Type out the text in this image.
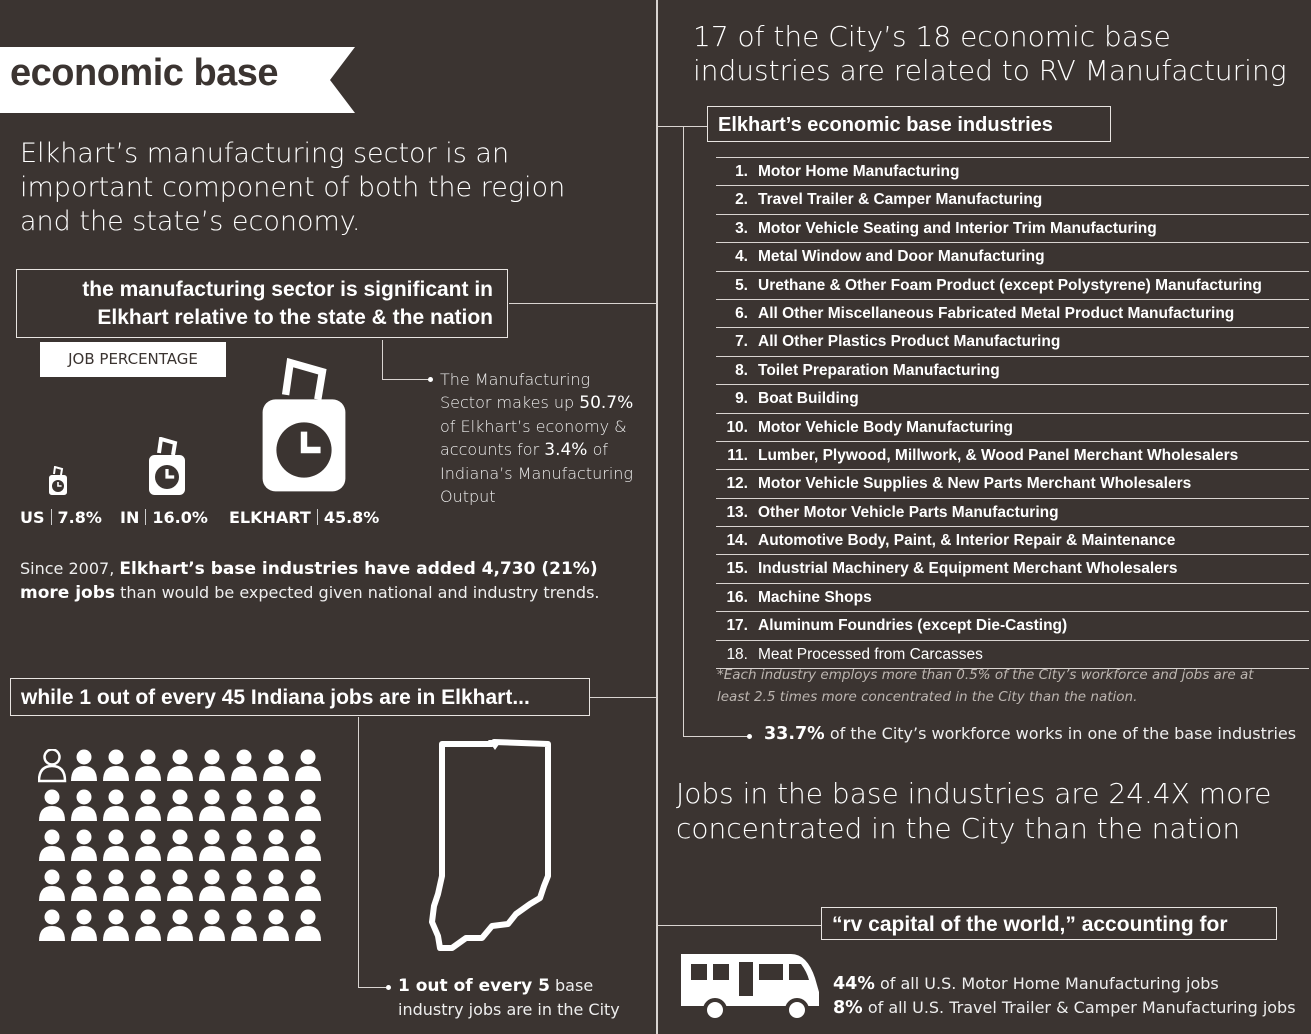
economic base
Elkhart’s manufacturing sector is an important component of both the region and the state’s economy.
the manufacturing sector is significant in
Elkhart relative to the state & the nation
JOB PERCENTAGE
US 7.8% IN 16.0% ELKHART 45.8%
The Manufacturing Sector makes up 50.7% of Elkhart’s economy & accounts for 3.4% of Indiana’s Manufacturing Output
Since 2007, Elkhart’s base industries have added 4,730 (21%) more jobs than would be expected given national and industry trends.
while 1 out of every 45 Indiana jobs are in Elkhart...
1 out of every 5 base industry jobs are in the City
17 of the City’s 18 economic base industries are related to RV Manufacturing
Elkhart’s economic base industries
1. Motor Home Manufacturing
2. Travel Trailer & Camper Manufacturing
3. Motor Vehicle Seating and Interior Trim Manufacturing
4. Metal Window and Door Manufacturing
5. Urethane & Other Foam Product (except Polystyrene) Manufacturing
6. All Other Miscellaneous Fabricated Metal Product Manufacturing
7. All Other Plastics Product Manufacturing
8. Toilet Preparation Manufacturing
9. Boat Building
10. Motor Vehicle Body Manufacturing
11. Lumber, Plywood, Millwork, & Wood Panel Merchant Wholesalers
12. Motor Vehicle Supplies & New Parts Merchant Wholesalers
13. Other Motor Vehicle Parts Manufacturing
14. Automotive Body, Paint, & Interior Repair & Maintenance
15. Industrial Machinery & Equipment Merchant Wholesalers
16. Machine Shops
17. Aluminum Foundries (except Die-Casting)
18. Meat Processed from Carcasses
*Each industry employs more than 0.5% of the City’s workforce and jobs are at least 2.5 times more concentrated in the City than the nation.
33.7% of the City’s workforce works in one of the base industries
Jobs in the base industries are 24.4X more concentrated in the City than the nation
“rv capital of the world,” accounting for
44% of all U.S. Motor Home Manufacturing jobs
8% of all U.S. Travel Trailer & Camper Manufacturing jobs
